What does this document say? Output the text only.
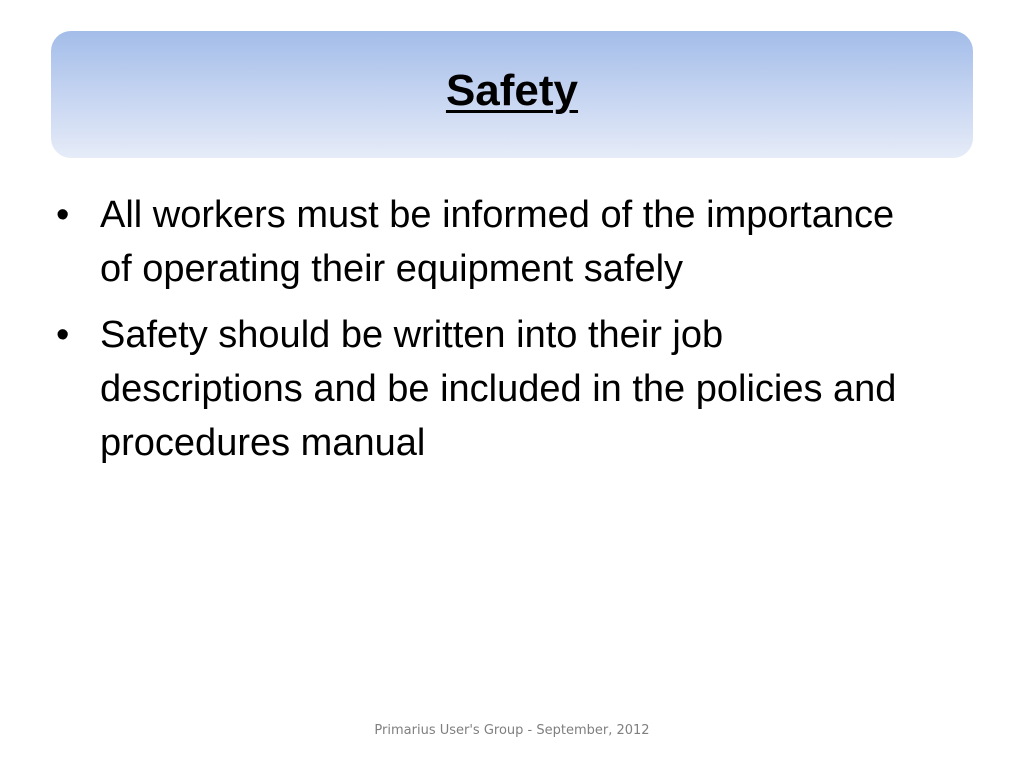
Safety
• All workers must be informed of the importance of operating their equipment safely
• Safety should be written into their job descriptions and be included in the policies and procedures manual
Primarius User's Group - September, 2012
